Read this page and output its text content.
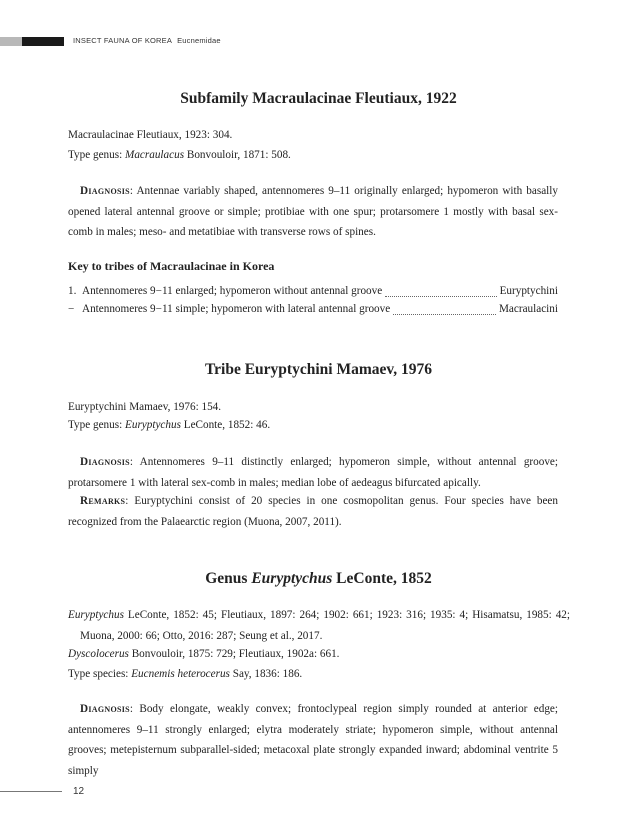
INSECT FAUNA OF KOREA Eucnemidae
Subfamily Macraulacinae Fleutiaux, 1922
Macraulacinae Fleutiaux, 1923: 304.
Type genus: Macraulacus Bonvouloir, 1871: 508.
Diagnosis: Antennae variably shaped, antennomeres 9–11 originally enlarged; hypomeron with basally opened lateral antennal groove or simple; protibiae with one spur; protarsomere 1 mostly with basal sex-comb in males; meso- and metatibiae with transverse rows of spines.
Key to tribes of Macraulacinae in Korea
1. Antennomeres 9−11 enlarged; hypomeron without antennal groove	Euryptychini
− Antennomeres 9−11 simple; hypomeron with lateral antennal groove	Macraulacini
Tribe Euryptychini Mamaev, 1976
Euryptychini Mamaev, 1976: 154.
Type genus: Euryptychus LeConte, 1852: 46.
Diagnosis: Antennomeres 9–11 distinctly enlarged; hypomeron simple, without antennal groove; protarsomere 1 with lateral sex-comb in males; median lobe of aedeagus bifurcated apically.
Remarks: Euryptychini consist of 20 species in one cosmopolitan genus. Four species have been recognized from the Palaearctic region (Muona, 2007, 2011).
Genus Euryptychus LeConte, 1852
Euryptychus LeConte, 1852: 45; Fleutiaux, 1897: 264; 1902: 661; 1923: 316; 1935: 4; Hisamatsu, 1985: 42; Muona, 2000: 66; Otto, 2016: 287; Seung et al., 2017.
Dyscolocerus Bonvouloir, 1875: 729; Fleutiaux, 1902a: 661.
Type species: Eucnemis heterocerus Say, 1836: 186.
Diagnosis: Body elongate, weakly convex; frontoclypeal region simply rounded at anterior edge; antennomeres 9–11 strongly enlarged; elytra moderately striate; hypomeron simple, without antennal grooves; metepisternum subparallel-sided; metacoxal plate strongly expanded inward; abdominal ventrite 5 simply
12
